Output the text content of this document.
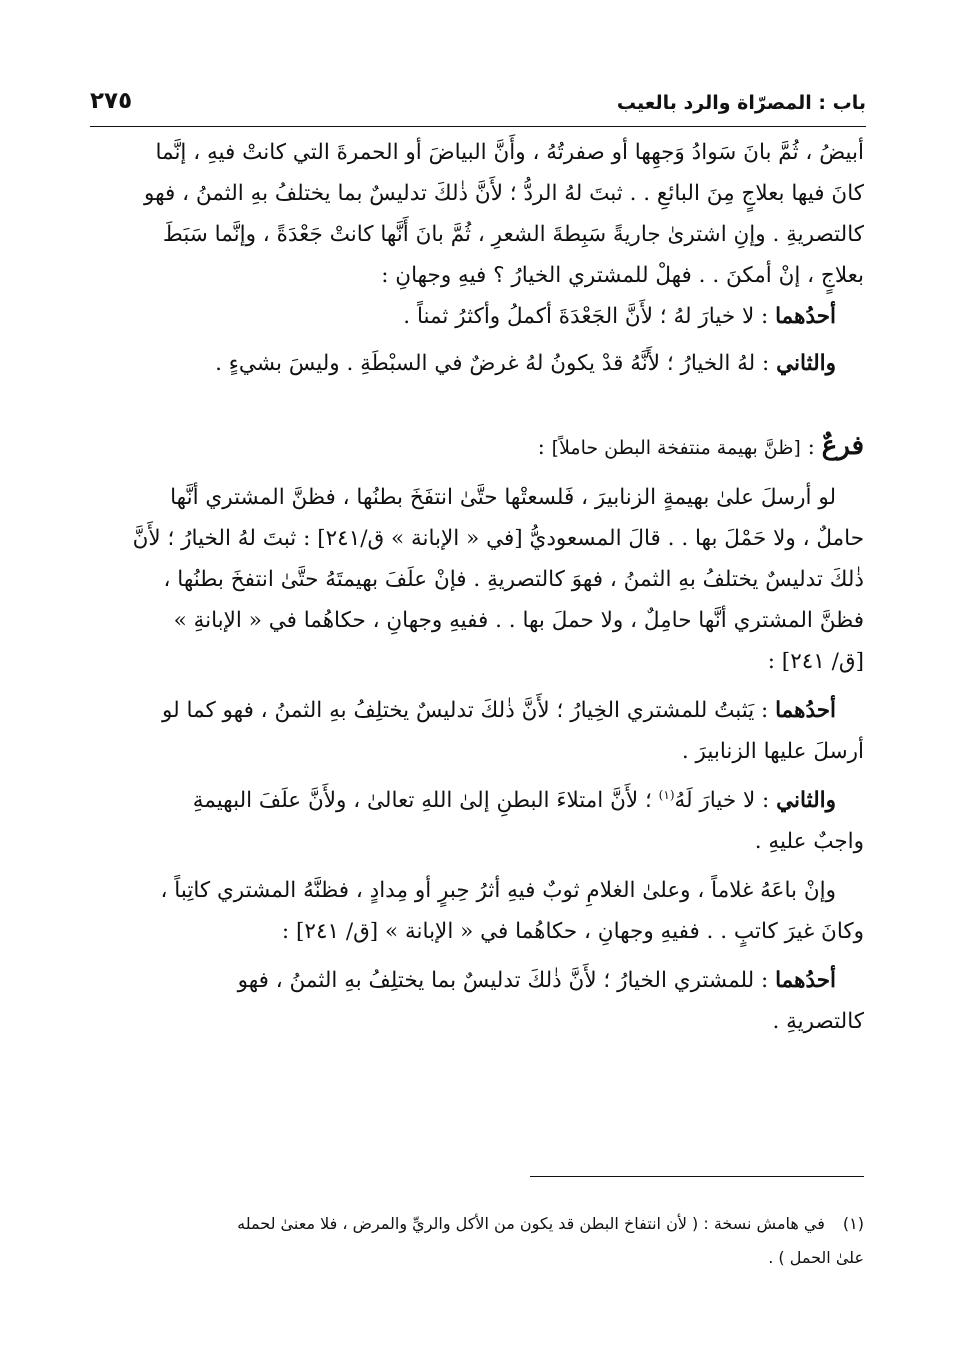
باب : المصرّاة والرد بالعيب
٢٧٥

أبيضُ ، ثُمَّ بانَ سَوادُ وَجهِها أو صفرتُهُ ، وأَنَّ البياضَ أو الحمرةَ التي كانتْ فيهِ ، إنَّما

كانَ فيها بعلاجٍ مِنَ البائعِ . . ثبتَ لهُ الردُّ ؛ لأَنَّ ذٰلكَ تدليسٌ بما يختلفُ بهِ الثمنُ ، فهو

كالتصريةِ . وإنِ اشترىٰ جاريةً سَبِطةَ الشعرِ ، ثُمَّ بانَ أَنَّها كانتْ جَعْدَةً ، وإنَّما سَبَطَ

بعلاجٍ ، إنْ أمكنَ . . فهلْ للمشتري الخيارُ ؟ فيهِ وجهانِ :

أحدُهما : لا خيارَ لهُ ؛ لأَنَّ الجَعْدَةَ أكملُ وأكثرُ ثمناً .

والثاني : لهُ الخيارُ ؛ لأَنَّهُ قدْ يكونُ لهُ غرضٌ في السبْطَةِ . وليسَ بشيءٍ .

فرعٌ : [ظنَّ بهيمة منتفخة البطن حاملاً] :

لو أرسلَ علىٰ بهيمةٍ الزنابيرَ ، فَلسعتْها حتَّىٰ انتفَخَ بطنُها ، فظنَّ المشتري أنَّها

حاملٌ ، ولا حَمْلَ بها . . قالَ المسعوديُّ [في « الإبانة » ق/٢٤١] : ثبتَ لهُ الخيارُ ؛ لأَنَّ

ذٰلكَ تدليسٌ يختلفُ بهِ الثمنُ ، فهوَ كالتصريةِ . فإنْ علَفَ بهيمتَهُ حتَّىٰ انتفخَ بطنُها ،

فظنَّ المشتري أنَّها حامِلٌ ، ولا حملَ بها . . ففيهِ وجهانِ ، حكاهُما في « الإبانةِ »

[ق/ ٢٤١] :

أحدُهما : يَثبتُ للمشتري الخِيارُ ؛ لأَنَّ ذٰلكَ تدليسٌ يختلِفُ بهِ الثمنُ ، فهو كما لو

أرسلَ عليها الزنابيرَ .

والثاني : لا خيارَ لَهُ$^{(١)}$ ؛ لأَنَّ امتلاءَ البطنِ إلىٰ اللهِ تعالىٰ ، ولأَنَّ علَفَ البهيمةِ

واجبٌ عليهِ .

وإنْ باعَهُ غلاماً ، وعلىٰ الغلامِ ثوبٌ فيهِ أثرُ حِبرٍ أو مِدادٍ ، فظنَّهُ المشتري كاتِباً ،

وكانَ غيرَ كاتبٍ . . ففيهِ وجهانِ ، حكاهُما في « الإبانة » [ق/ ٢٤١] :

أحدُهما : للمشتري الخيارُ ؛ لأَنَّ ذٰلكَ تدليسٌ بما يختلِفُ بهِ الثمنُ ، فهو

كالتصريةِ .

(١)في هامش نسخة : ( لأن انتفاخ البطن قد يكون من الأكل والريِّ والمرض ، فلا معنىٰ لحمله
علىٰ الحمل ) .
